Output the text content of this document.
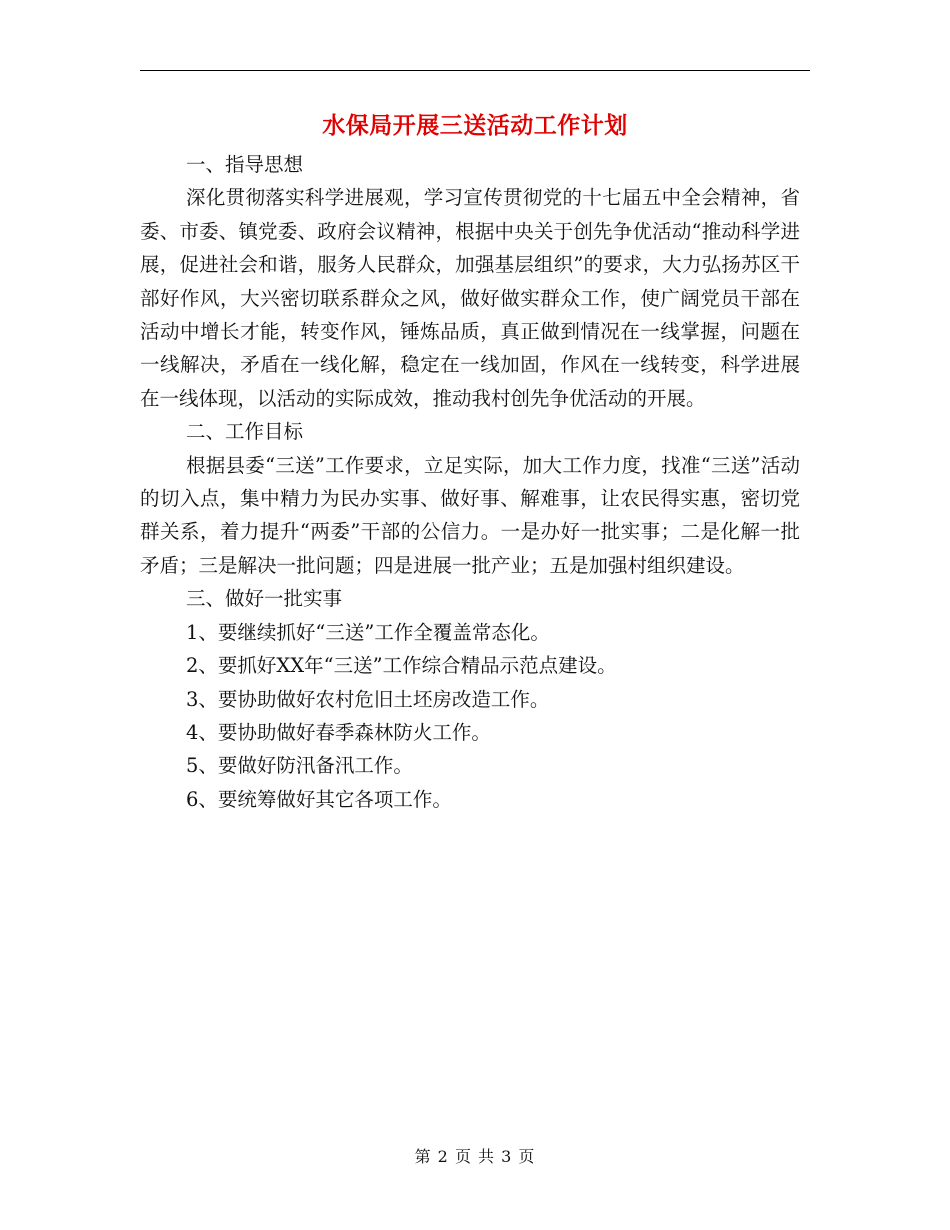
水保局开展三送活动工作计划

一、指导思想

深化贯彻落实科学进展观，学习宣传贯彻党的十七届五中全会精神，省委、市委、镇党委、政府会议精神，根据中央关于创先争优活动“推动科学进展，促进社会和谐，服务人民群众，加强基层组织”的要求，大力弘扬苏区干部好作风，大兴密切联系群众之风，做好做实群众工作，使广阔党员干部在活动中增长才能，转变作风，锤炼品质，真正做到情况在一线掌握，问题在一线解决，矛盾在一线化解，稳定在一线加固，作风在一线转变，科学进展在一线体现，以活动的实际成效，推动我村创先争优活动的开展。

二、工作目标

根据县委“三送”工作要求，立足实际，加大工作力度，找准“三送”活动的切入点，集中精力为民办实事、做好事、解难事，让农民得实惠，密切党群关系，着力提升“两委”干部的公信力。一是办好一批实事；二是化解一批矛盾；三是解决一批问题；四是进展一批产业；五是加强村组织建设。

三、做好一批实事

1、要继续抓好“三送”工作全覆盖常态化。

2、要抓好XX年“三送”工作综合精品示范点建设。

3、要协助做好农村危旧土坯房改造工作。

4、要协助做好春季森林防火工作。

5、要做好防汛备汛工作。

6、要统筹做好其它各项工作。

第 2 页 共 3 页
